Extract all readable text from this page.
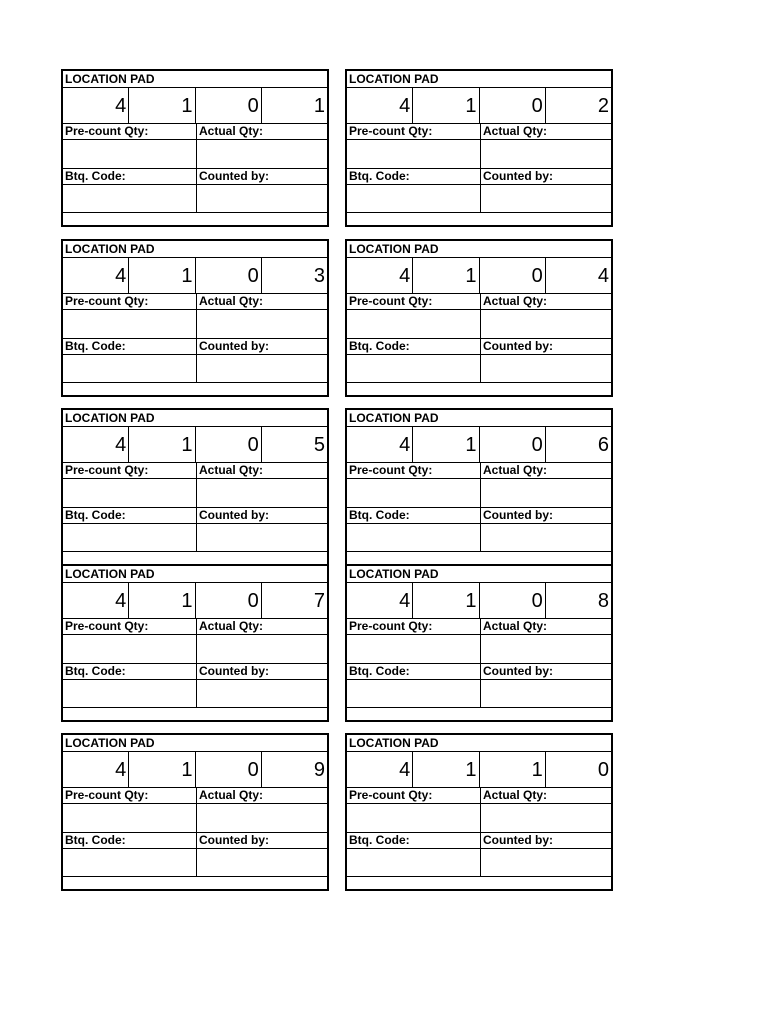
LOCATION PAD
4	1	0	1
Pre-count Qty:	Actual Qty:
Btq. Code:	Counted by:
LOCATION PAD
4	1	0	2
Pre-count Qty:	Actual Qty:
Btq. Code:	Counted by:
LOCATION PAD
4	1	0	3
Pre-count Qty:	Actual Qty:
Btq. Code:	Counted by:
LOCATION PAD
4	1	0	4
Pre-count Qty:	Actual Qty:
Btq. Code:	Counted by:
LOCATION PAD
4	1	0	5
Pre-count Qty:	Actual Qty:
Btq. Code:	Counted by:
LOCATION PAD
4	1	0	6
Pre-count Qty:	Actual Qty:
Btq. Code:	Counted by:
LOCATION PAD
4	1	0	7
Pre-count Qty:	Actual Qty:
Btq. Code:	Counted by:
LOCATION PAD
4	1	0	8
Pre-count Qty:	Actual Qty:
Btq. Code:	Counted by:
LOCATION PAD
4	1	0	9
Pre-count Qty:	Actual Qty:
Btq. Code:	Counted by:
LOCATION PAD
4	1	1	0
Pre-count Qty:	Actual Qty:
Btq. Code:	Counted by:
